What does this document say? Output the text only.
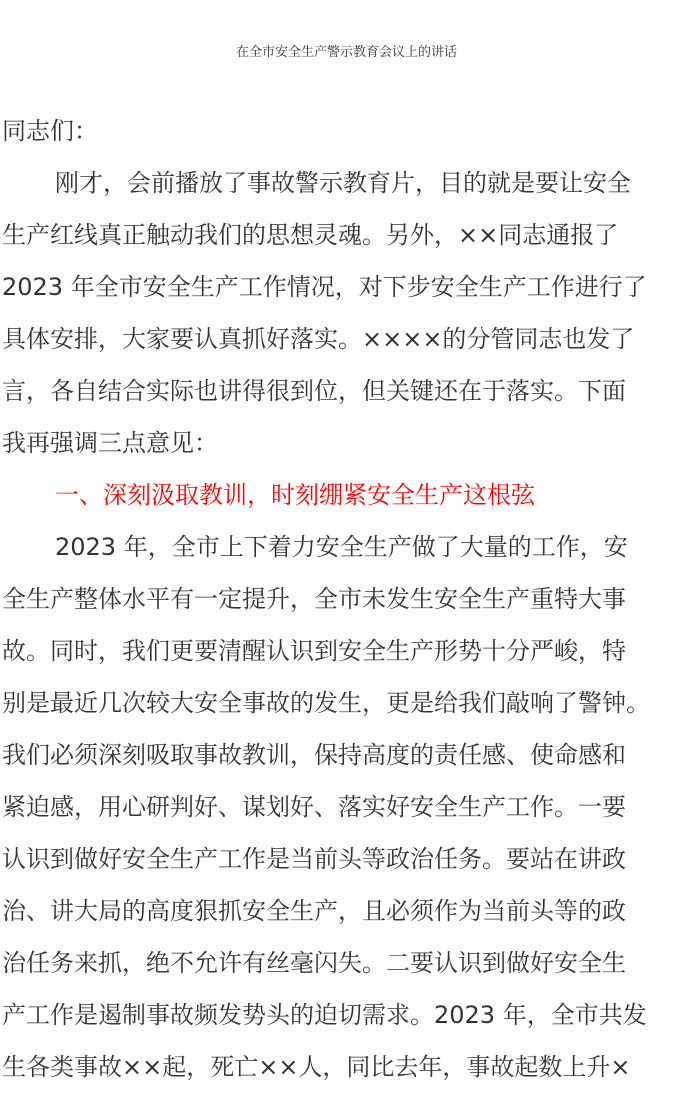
在全市安全生产警示教育会议上的讲话
同志们：
刚才，会前播放了事故警示教育片，目的就是要让安全
生产红线真正触动我们的思想灵魂。另外，××同志通报了
2023 年全市安全生产工作情况，对下步安全生产工作进行了
具体安排，大家要认真抓好落实。××××的分管同志也发了
言，各自结合实际也讲得很到位，但关键还在于落实。下面
我再强调三点意见：
一、深刻汲取教训，时刻绷紧安全生产这根弦
2023 年，全市上下着力安全生产做了大量的工作，安
全生产整体水平有一定提升，全市未发生安全生产重特大事
故。同时，我们更要清醒认识到安全生产形势十分严峻，特
别是最近几次较大安全事故的发生，更是给我们敲响了警钟。
我们必须深刻吸取事故教训，保持高度的责任感、使命感和
紧迫感，用心研判好、谋划好、落实好安全生产工作。一要
认识到做好安全生产工作是当前头等政治任务。要站在讲政
治、讲大局的高度狠抓安全生产，且必须作为当前头等的政
治任务来抓，绝不允许有丝毫闪失。二要认识到做好安全生
产工作是遏制事故频发势头的迫切需求。2023 年，全市共发
生各类事故××起，死亡××人，同比去年，事故起数上升×
